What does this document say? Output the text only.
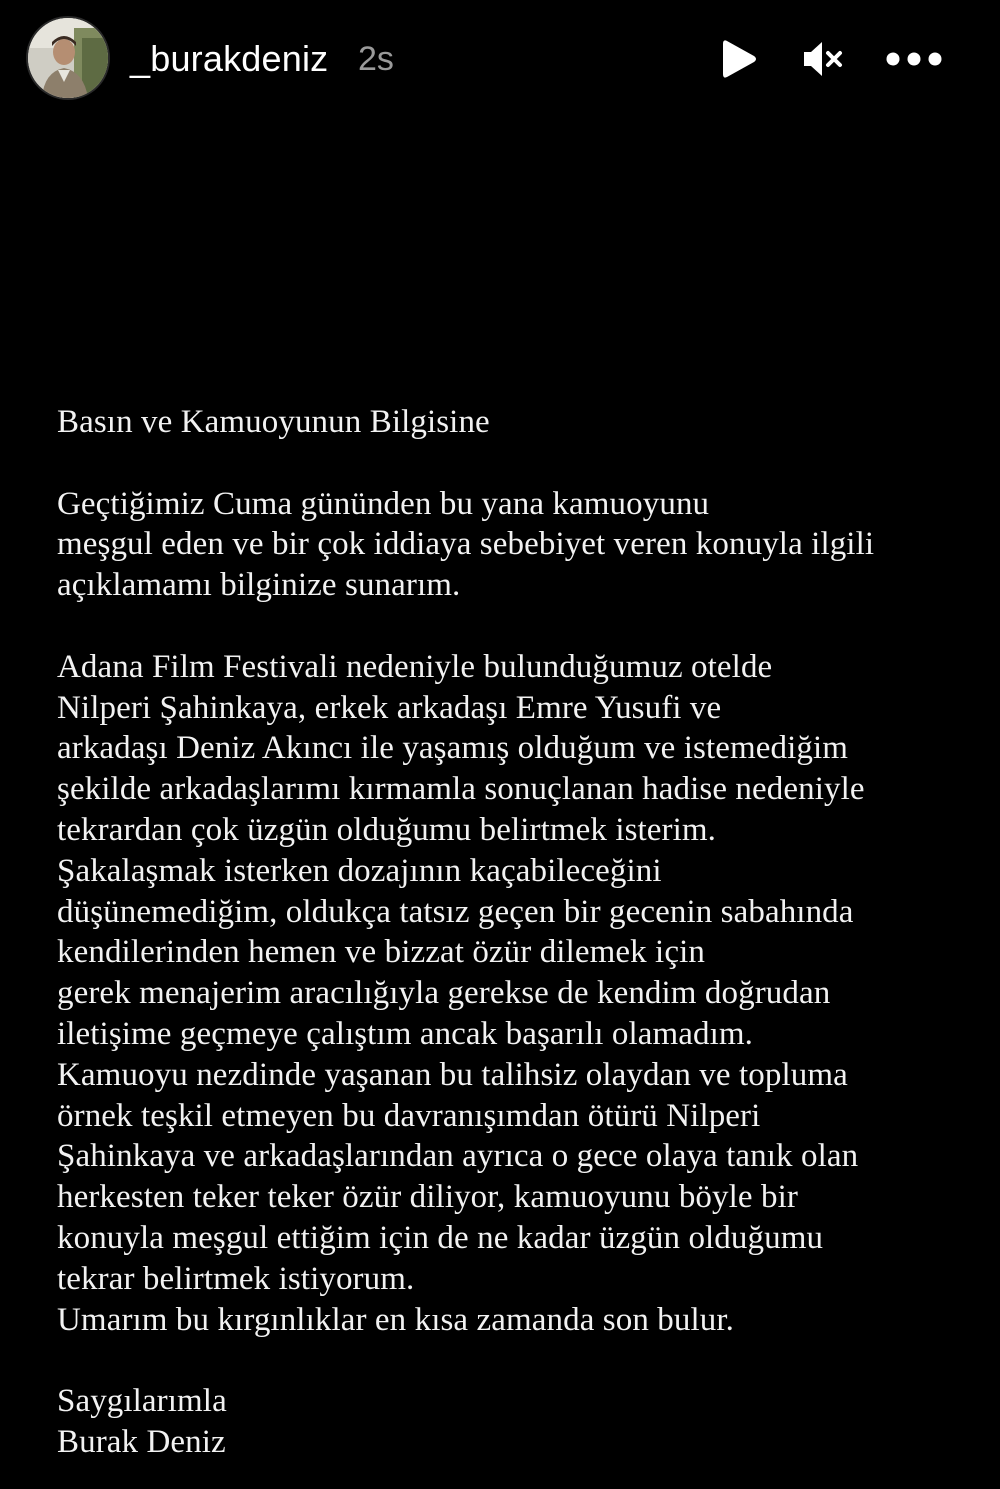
_burakdeniz 2s
Basın ve Kamuoyunun Bilgisine
Geçtiğimiz Cuma gününden bu yana kamuoyunu
meşgul eden ve bir çok iddiaya sebebiyet veren konuyla ilgili
açıklamamı bilginize sunarım.
Adana Film Festivali nedeniyle bulunduğumuz otelde
Nilperi Şahinkaya, erkek arkadaşı Emre Yusufi ve
arkadaşı Deniz Akıncı ile yaşamış olduğum ve istemediğim
şekilde arkadaşlarımı kırmamla sonuçlanan hadise nedeniyle
tekrardan çok üzgün olduğumu belirtmek isterim.
Şakalaşmak isterken dozajının kaçabileceğini
düşünemediğim, oldukça tatsız geçen bir gecenin sabahında
kendilerinden hemen ve bizzat özür dilemek için
gerek menajerim aracılığıyla gerekse de kendim doğrudan
iletişime geçmeye çalıştım ancak başarılı olamadım.
Kamuoyu nezdinde yaşanan bu talihsiz olaydan ve topluma
örnek teşkil etmeyen bu davranışımdan ötürü Nilperi
Şahinkaya ve arkadaşlarından ayrıca o gece olaya tanık olan
herkesten teker teker özür diliyor, kamuoyunu böyle bir
konuyla meşgul ettiğim için de ne kadar üzgün olduğumu
tekrar belirtmek istiyorum.
Umarım bu kırgınlıklar en kısa zamanda son bulur.
Saygılarımla
Burak Deniz
